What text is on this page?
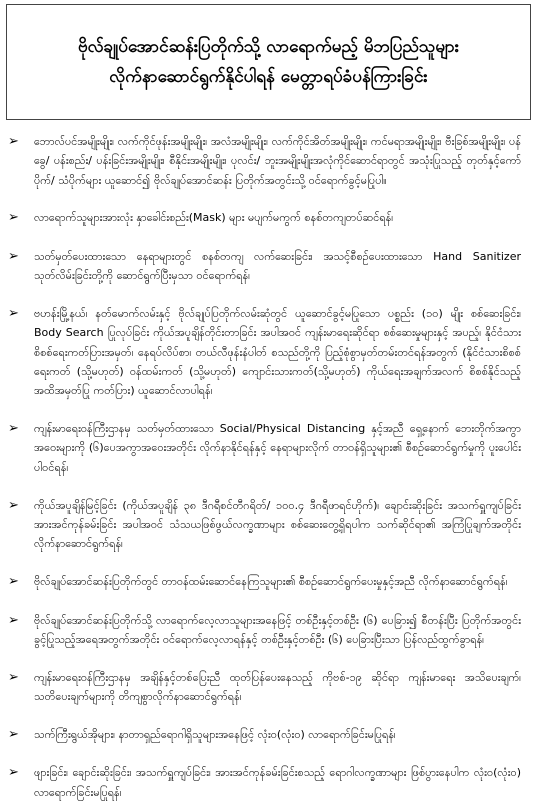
ဗိုလ်ချုပ်အောင်ဆန်းပြတိုက်သို့ လာရောက်မည့် မိဘပြည်သူများ
လိုက်နာဆောင်ရွက်နိုင်ပါရန် မေတ္တာရပ်ခံပန်ကြားခြင်း
➢	ဘောလ်ပင်အမျိုးမျိုး၊ လက်ကိုင်ဖုန်းအမျိုးမျိုး၊ အလံအမျိုးမျိုး၊ လက်ကိုင်အိတ်အမျိုးမျိုး၊ ကင်မရာအမျိုးမျိုး၊ ဗီးခြစ်အမျိုးမျိုး၊ ပန်ခွေ/ ပန်းစည်း/ ပန်းခြင်းအမျိုးမျိုး၊ စီနိုင်းအမျိုးမျိုး၊ ပုလင်း/ ဘူးအမျိုးမျိုးအလုံကိုင်ဆောင်ရာတွင် အသုံးပြုသည့် တုတ်နှင့်ကော်ပိုက်/ သံပိုက်များ ယူဆောင်၍ ဗိုလ်ချုပ်အောင်ဆန်း ပြတိုက်အတွင်းသို့ ဝင်ရောက်ခွင့်မပြုပါ။
➢	လာရောက်သူများအားလုံး နှာခေါင်းစည်း(Mask) များ မပျက်မကွက် စနစ်တကျတပ်ဆင်ရန်၊
➢	သတ်မှတ်ပေးထားသော နေရာများတွင် စနစ်တကျ လက်ဆေးခြင်း၊ အသင့်စီစဉ်ပေးထားသော Hand Sanitizer သုတ်လိမ်းခြင်းတို့ကို ဆောင်ရွက်ပြီးမှသာ ဝင်ရောက်ရန်၊
➢	ဗဟန်းမြို့နယ်၊ နတ်မောက်လမ်းနှင့် ဗိုလ်ချုပ်ပြတိုက်လမ်းဆုံတွင် ယူဆောင်ခွင့်မပြုသော ပစ္စည်း (၁၀) မျိုး စစ်ဆေးခြင်း၊ Body Search ပြုလုပ်ခြင်း ကိုယ်အပူချိန်တိုင်းတာခြင်း အပါအဝင် ကျန်းမာရေးဆိုင်ရာ စစ်ဆေးမှုများနှင့် အပည့်၊ နိုင်ငံသားစိစစ်ရေးကတ်ပြားအမှတ်၊ နေရပ်လိပ်စာ၊ တယ်လီဖုန်းနံပါတ် စသည်တို့ကို ပြည့်စုံစွာမှတ်တမ်းတင်ရန်အတွက် (နိုင်ငံသားစိစစ်ရေးကတ် (သို့မဟုတ်) ဝန်ထမ်းကတ် (သို့မဟုတ်) ကျောင်းသားကတ်(သို့မဟုတ်) ကိုယ်ရေးအချက်အလက် စိစစ်နိုင်သည့် အထိအမှတ်ပြု ကတ်ပြား) ယူဆောင်လာပါရန်၊
➢	ကျန်းမာရေးဝန်ကြီးဌာနမှ သတ်မှတ်ထားသော Social/Physical Distancing နှင့်အညီ ရှေ့နောက် ဘေးတိုက်အကွာအဝေးများကို (၆)ပေအကွာအဝေးအတိုင်း လိုက်နာနိုင်ရန်နှင့် နေရာများလိုက် တာဝန်ရှိသူများ၏ စီစဉ်ဆောင်ရွက်မှုကို ပူးပေါင်းပါဝင်ရန်၊
➢	ကိုယ်အပူချိန်မြင့်ခြင်း (ကိုယ်အပူချိန် ၃၈ ဒီဂရီစင်တီဂရိတ်/ ၁၀၀.၄ ဒီဂရီဖာရင်ဟိုက်)၊ ချောင်းဆိုးခြင်း အသက်ရှူကျပ်ခြင်း အားအင်ကုန်ခမ်းခြင်း အပါအဝင် သံသယဖြစ်ဖွယ်လက္ခဏာများ စစ်ဆေးတွေ့ရှိရပါက သက်ဆိုင်ရာ၏ အကြံပြုချက်အတိုင်း လိုက်နာဆောင်ရွက်ရန်၊
➢	ဗိုလ်ချုပ်အောင်ဆန်းပြတိုက်တွင် တာဝန်ထမ်းဆောင်နေကြသူများ၏ စီစဉ်ဆောင်ရွက်ပေးမှုနှင့်အညီ လိုက်နာဆောင်ရွက်ရန်၊
➢	ဗိုလ်ချုပ်အောင်ဆန်းပြတိုက်သို့ လာရောက်လေ့လာသူများအနေဖြင့် တစ်ဦးနှင့်တစ်ဦး (၆) ပေခြား၍ စီတန်းပြီး ပြတိုက်အတွင်း ခွင့်ပြုသည့်အရေအတွက်အတိုင်း ဝင်ရောက်လေ့လာရန်နှင့် တစ်ဦးနှင့်တစ်ဦး (၆) ပေခြားပြီးသာ ပြန်လည်ထွက်ခွာရန်၊
➢	ကျန်းမာရေးဝန်ကြီးဌာနမှ အချိန်နှင့်တစ်ပြေးညီ ထုတ်ပြန်ပေးနေသည့် ကိုဗစ်-၁၉ ဆိုင်ရာ ကျန်းမာရေး အသိပေးချက်၊ သတိပေးချက်များကို တိကျစွာလိုက်နာဆောင်ရွက်ရန်၊
➢	သက်ကြီးရွယ်အိုများ၊ နာတာရှည်ရောဂါရှိသူများအနေဖြင့် လုံးဝ(လုံးဝ) လာရောက်ခြင်းမပြုရန်၊
➢	ဖျားခြင်း၊ ချောင်းဆိုးခြင်း၊ အသက်ရှူကျပ်ခြင်း၊ အားအင်ကုန်ခမ်းခြင်းစသည့် ရောဂါလက္ခဏာများ ဖြစ်ပွားနေပါက လုံးဝ(လုံးဝ) လာရောက်ခြင်းမပြုရန်၊
